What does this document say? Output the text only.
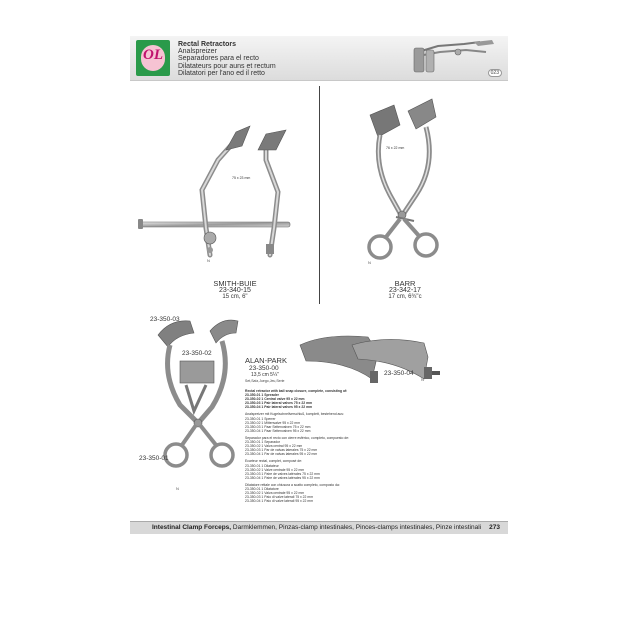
OL
Rectal Retractors
Analspreizer
Separadores para el recto
Dilatateurs pour auns et rectum
Dilatatori per l'ano ed il retto	023
75 x 23 mm
N
SMITH-BUIE
23-340-15
15 cm, 6"
76 x 22 mm
N
BARR
23-342-17
17 cm, 6¾"c
23-350-03
23-350-02
23-350-01
N
23-350-04
N
ALAN-PARK
23-350-00
13,5 cm 5¼"
Set,Satz,Juego,Jeu,Serie
Rectal retractor with ball snap closure, complete, consisting of:
23-350-01 1 Spreader
23-350-02 1 Central valve 95 x 22 mm
23-350-03 1 Pair lateral valves 75 x 22 mm
23-350-04 1 Pair lateral valves 95 x 22 mm
Analspreizer mit Kugelschnellverschluß, komplett, bestehend aus:
23-350-01 1 Sperrer
23-350-02 1 Mittenvalve 95 x 22 mm
23-350-03 1 Paar Seitenvalven 75 x 22 mm
23-350-04 1 Paar Seitenvalven 95 x 22 mm
Separador para el recto con cierre esférico, completo, compuesto de:
23-350-01 1 Separador
23-350-02 1 Valva central 95 x 22 mm
23-350-03 1 Par de valvas laterales 75 x 22 mm
23-350-04 1 Par de valvas laterales 95 x 22 mm
Ecarteur rectal, complet, composé de:
23-350-01 1 Dilatateur
23-350-02 1 Valve centrale 95 x 22 mm
23-350-03 1 Paire de valves latérales 75 x 22 mm
23-350-04 1 Paire de valves latérales 95 x 22 mm
Dilatatore rettale con chiusura a scatto completo, composto da:
23-350-01 1 Dilatatore
23-350-02 1 Valva centrale 95 x 22 mm
23-350-03 1 Paio di valve laterali 75 x 22 mm
23-350-04 1 Paio di valve laterali 95 x 22 mm
Intestinal Clamp Forceps, Darmklemmen, Pinzas-clamp intestinales, Pinces-clamps intestinales, Pinze intestinali 273
